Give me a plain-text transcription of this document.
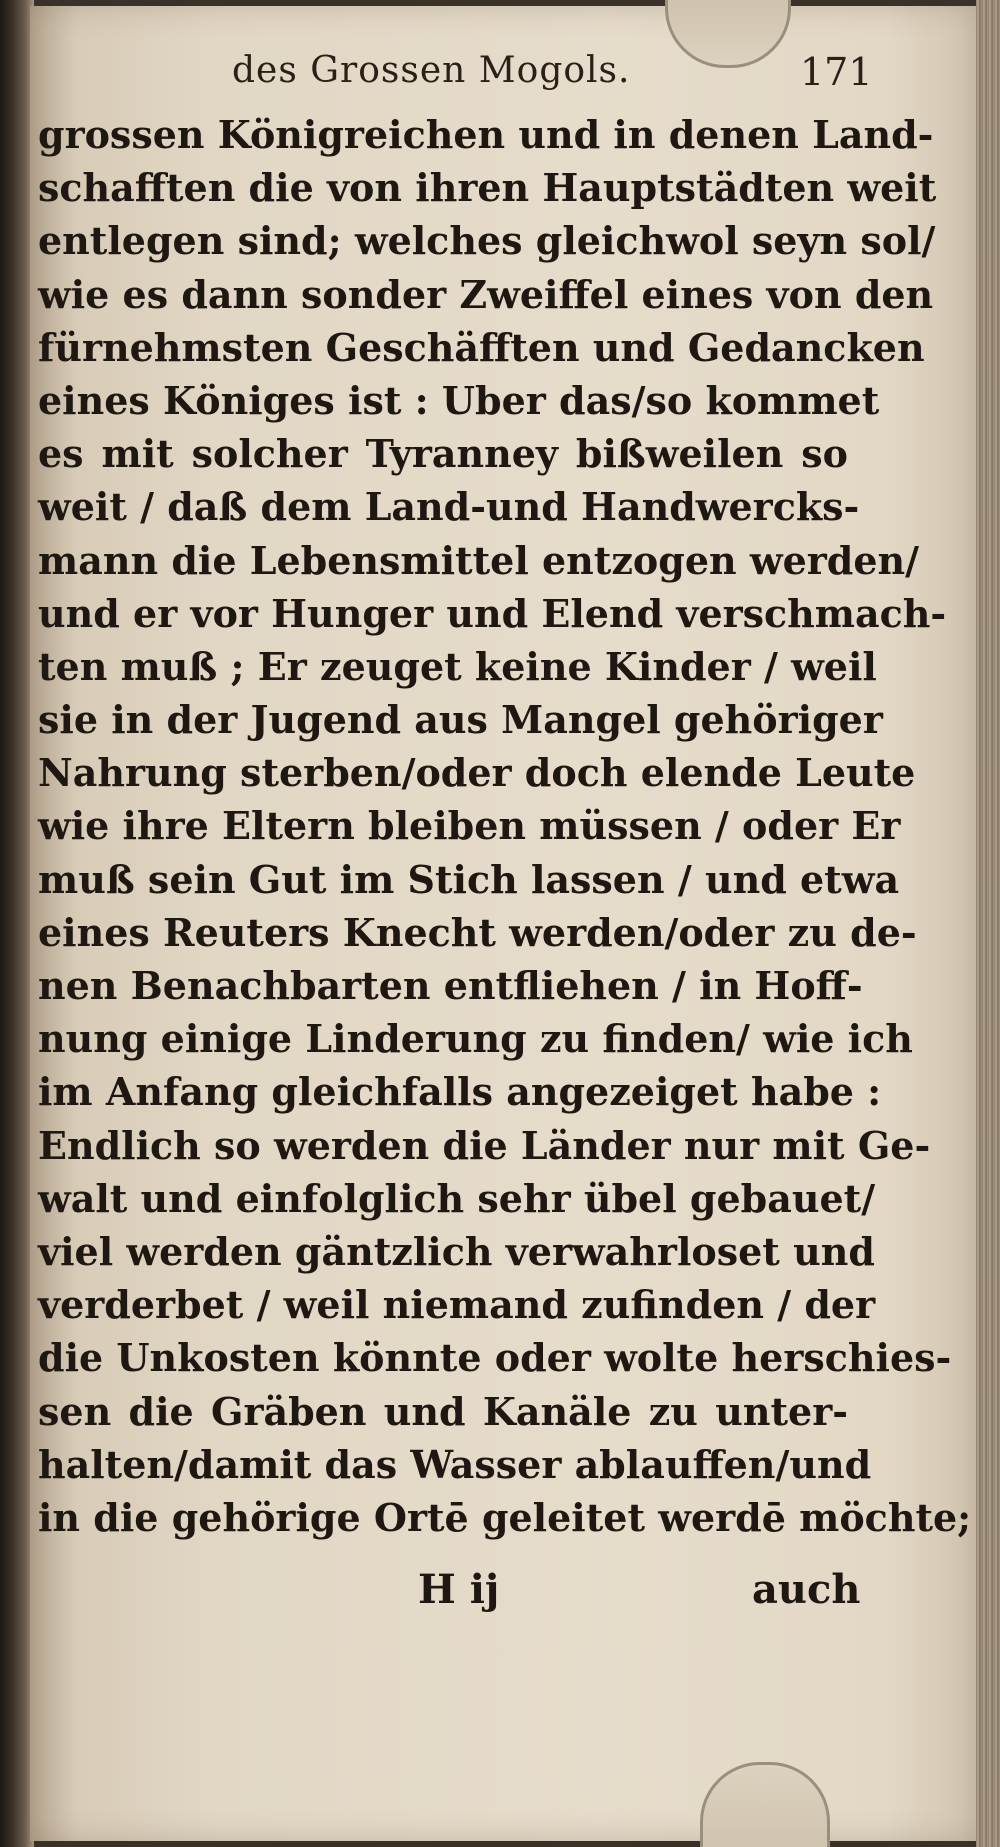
des Grossen Mogols.	171
grossen Königreichen und in denen Land-
schafften die von ihren Hauptstädten weit
entlegen sind; welches gleichwol seyn sol/
wie es dann sonder Zweiffel eines von den
fürnehmsten Geschäfften und Gedancken
eines Königes ist : Uber das/so kommet
es mit solcher Tyranney bißweilen so
weit / daß dem Land-und Handwercks-
mann die Lebensmittel entzogen werden/
und er vor Hunger und Elend verschmach-
ten muß ; Er zeuget keine Kinder / weil
sie in der Jugend aus Mangel gehöriger
Nahrung sterben/oder doch elende Leute
wie ihre Eltern bleiben müssen / oder Er
muß sein Gut im Stich lassen / und etwa
eines Reuters Knecht werden/oder zu de-
nen Benachbarten entfliehen / in Hoff-
nung einige Linderung zu finden/ wie ich
im Anfang gleichfalls angezeiget habe :
Endlich so werden die Länder nur mit Ge-
walt und einfolglich sehr übel gebauet/
viel werden gäntzlich verwahrloset und
verderbet / weil niemand zufinden / der
die Unkosten könnte oder wolte herschies-
sen die Gräben und Kanäle zu unter-
halten/damit das Wasser ablauffen/und
in die gehörige Ortē geleitet werdē möchte;
H ij	auch
